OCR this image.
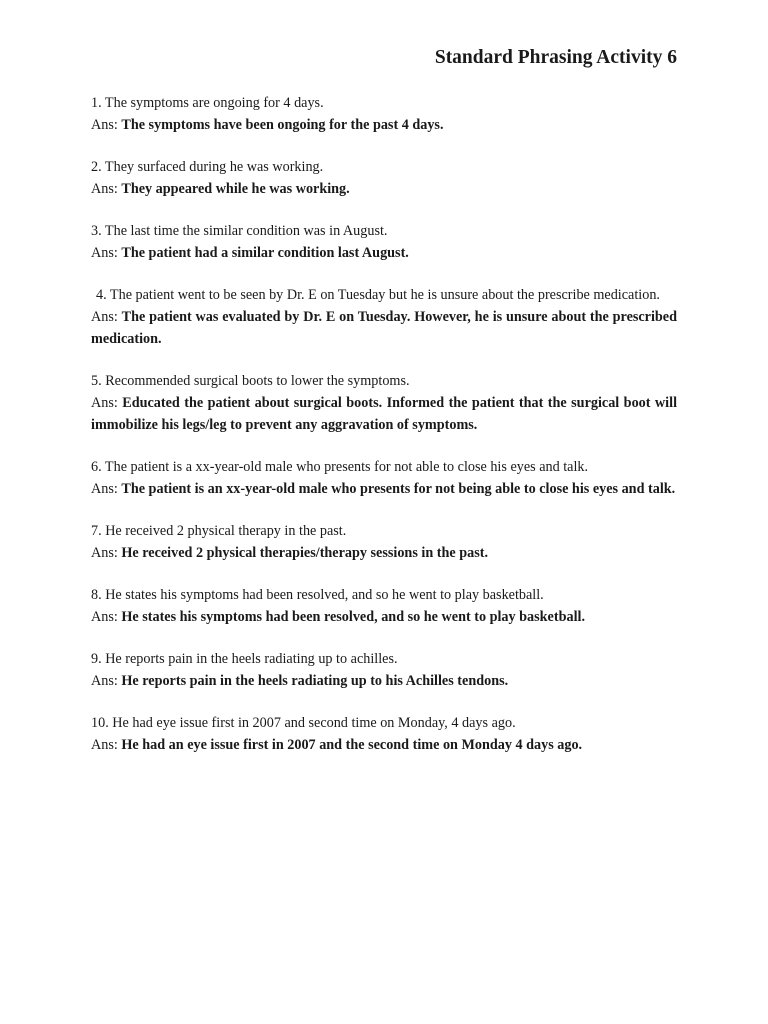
Standard Phrasing Activity 6

1. The symptoms are ongoing for 4 days.

Ans: The symptoms have been ongoing for the past 4 days.

2. They surfaced during he was working.

Ans: They appeared while he was working.

3. The last time the similar condition was in August.

Ans: The patient had a similar condition last August.

4. The patient went to be seen by Dr. E on Tuesday but he is unsure about the prescribe medication.

Ans: The patient was evaluated by Dr. E on Tuesday. However, he is unsure about the prescribed medication.

5. Recommended surgical boots to lower the symptoms.

Ans: Educated the patient about surgical boots. Informed the patient that the surgical boot will immobilize his legs/leg to prevent any aggravation of symptoms.

6. The patient is a xx-year-old male who presents for not able to close his eyes and talk.

Ans: The patient is an xx-year-old male who presents for not being able to close his eyes and talk.

7. He received 2 physical therapy in the past.

Ans: He received 2 physical therapies/therapy sessions in the past.

8. He states his symptoms had been resolved, and so he went to play basketball.

Ans: He states his symptoms had been resolved, and so he went to play basketball.

9. He reports pain in the heels radiating up to achilles.

Ans: He reports pain in the heels radiating up to his Achilles tendons.

10. He had eye issue first in 2007 and second time on Monday, 4 days ago.

Ans: He had an eye issue first in 2007 and the second time on Monday 4 days ago.
